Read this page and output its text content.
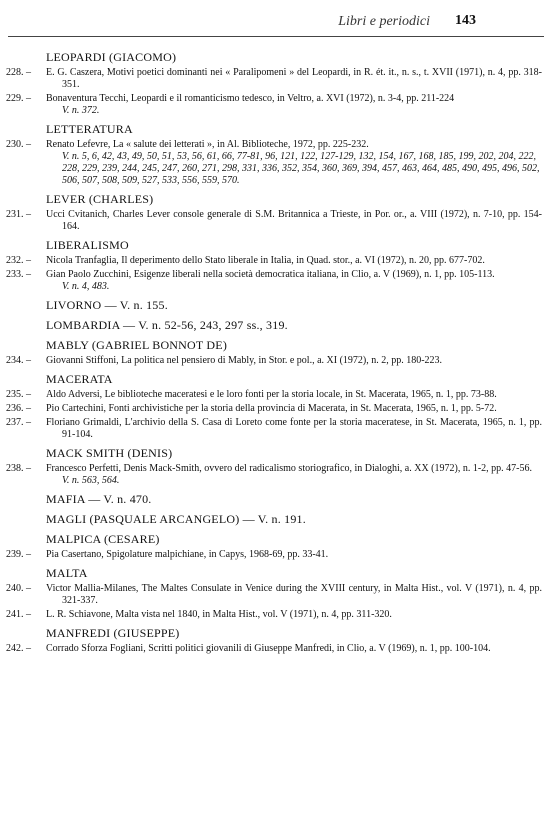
Libri e periodici 143
LEOPARDI (GIACOMO)
228. –	E. G. Caszera, Motivi poetici dominanti nei « Paralipomeni » del Leopardi, in R. ét. it., n. s., t. XVII (1971), n. 4, pp. 318-351.
229. –	Bonaventura Tecchi, Leopardi e il romanticismo tedesco, in Veltro, a. XVI (1972), n. 3-4, pp. 211-224
V. n. 372.
LETTERATURA
230. –	Renato Lefevre, La « salute dei letterati », in Al. Biblioteche, 1972, pp. 225-232.
V. n. 5, 6, 42, 43, 49, 50, 51, 53, 56, 61, 66, 77-81, 96, 121, 122, 127-129, 132, 154, 167, 168, 185, 199, 202, 204, 222, 228, 229, 239, 244, 245, 247, 260, 271, 298, 331, 336, 352, 354, 360, 369, 394, 457, 463, 464, 485, 490, 495, 496, 502, 506, 507, 508, 509, 527, 533, 556, 559, 570.
LEVER (CHARLES)
231. –	Ucci Cvitanich, Charles Lever console generale di S.M. Britannica a Trieste, in Por. or., a. VIII (1972), n. 7-10, pp. 154-164.
LIBERALISMO
232. –	Nicola Tranfaglia, Il deperimento dello Stato liberale in Italia, in Quad. stor., a. VI (1972), n. 20, pp. 677-702.
233. –	Gian Paolo Zucchini, Esigenze liberali nella società democratica italiana, in Clio, a. V (1969), n. 1, pp. 105-113.
V. n. 4, 483.
LIVORNO — V. n. 155.
LOMBARDIA — V. n. 52-56, 243, 297 ss., 319.
MABLY (GABRIEL BONNOT DE)
234. –	Giovanni Stiffoni, La politica nel pensiero di Mably, in Stor. e pol., a. XI (1972), n. 2, pp. 180-223.
MACERATA
235. –	Aldo Adversi, Le biblioteche maceratesi e le loro fonti per la storia locale, in St. Macerata, 1965, n. 1, pp. 73-88.
236. –	Pio Cartechini, Fonti archivistiche per la storia della provincia di Macerata, in St. Macerata, 1965, n. 1, pp. 5-72.
237. –	Floriano Grimaldi, L'archivio della S. Casa di Loreto come fonte per la storia maceratese, in St. Macerata, 1965, n. 1, pp. 91-104.
MACK SMITH (DENIS)
238. –	Francesco Perfetti, Denis Mack-Smith, ovvero del radicalismo storiografico, in Dialoghi, a. XX (1972), n. 1-2, pp. 47-56.
V. n. 563, 564.
MAFIA — V. n. 470.
MAGLI (PASQUALE ARCANGELO) — V. n. 191.
MALPICA (CESARE)
239. –	Pia Casertano, Spigolature malpichiane, in Capys, 1968-69, pp. 33-41.
MALTA
240. –	Victor Mallia-Milanes, The Maltes Consulate in Venice during the XVIII century, in Malta Hist., vol. V (1971), n. 4, pp. 321-337.
241. –	L. R. Schiavone, Malta vista nel 1840, in Malta Hist., vol. V (1971), n. 4, pp. 311-320.
MANFREDI (GIUSEPPE)
242. –	Corrado Sforza Fogliani, Scritti politici giovanili di Giuseppe Manfredi, in Clio, a. V (1969), n. 1, pp. 100-104.
